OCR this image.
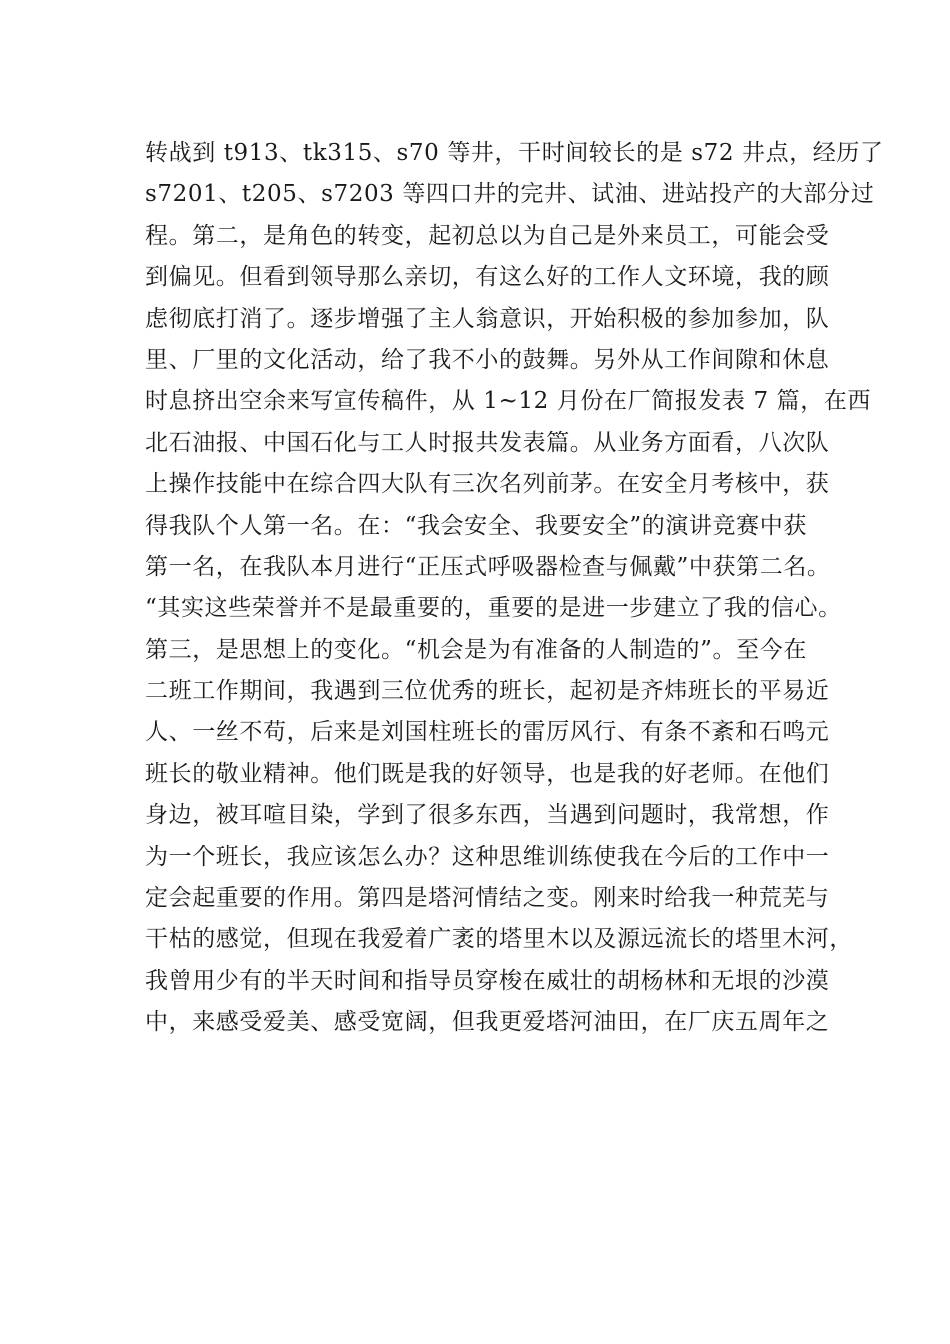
转战到 t913、tk315、s70 等井，干时间较长的是 s72 井点，经历了
s7201、t205、s7203 等四口井的完井、试油、进站投产的大部分过
程。第二，是角色的转变，起初总以为自己是外来员工，可能会受
到偏见。但看到领导那么亲切，有这么好的工作人文环境，我的顾
虑彻底打消了。逐步增强了主人翁意识，开始积极的参加参加，队
里、厂里的文化活动，给了我不小的鼓舞。另外从工作间隙和休息
时息挤出空余来写宣传稿件，从 1~12 月份在厂简报发表 7 篇，在西
北石油报、中国石化与工人时报共发表篇。从业务方面看，八次队
上操作技能中在综合四大队有三次名列前茅。在安全月考核中，获
得我队个人第一名。在：“我会安全、我要安全”的演讲竞赛中获
第一名，在我队本月进行“正压式呼吸器检查与佩戴”中获第二名。
“其实这些荣誉并不是最重要的，重要的是进一步建立了我的信心。
第三，是思想上的变化。“机会是为有准备的人制造的”。至今在
二班工作期间，我遇到三位优秀的班长，起初是齐炜班长的平易近
人、一丝不苟，后来是刘国柱班长的雷厉风行、有条不紊和石鸣元
班长的敬业精神。他们既是我的好领导，也是我的好老师。在他们
身边，被耳喧目染，学到了很多东西，当遇到问题时，我常想，作
为一个班长，我应该怎么办？这种思维训练使我在今后的工作中一
定会起重要的作用。第四是塔河情结之变。刚来时给我一种荒芜与
干枯的感觉，但现在我爱着广袤的塔里木以及源远流长的塔里木河，
我曾用少有的半天时间和指导员穿梭在威壮的胡杨林和无垠的沙漠
中，来感受爱美、感受宽阔，但我更爱塔河油田，在厂庆五周年之
